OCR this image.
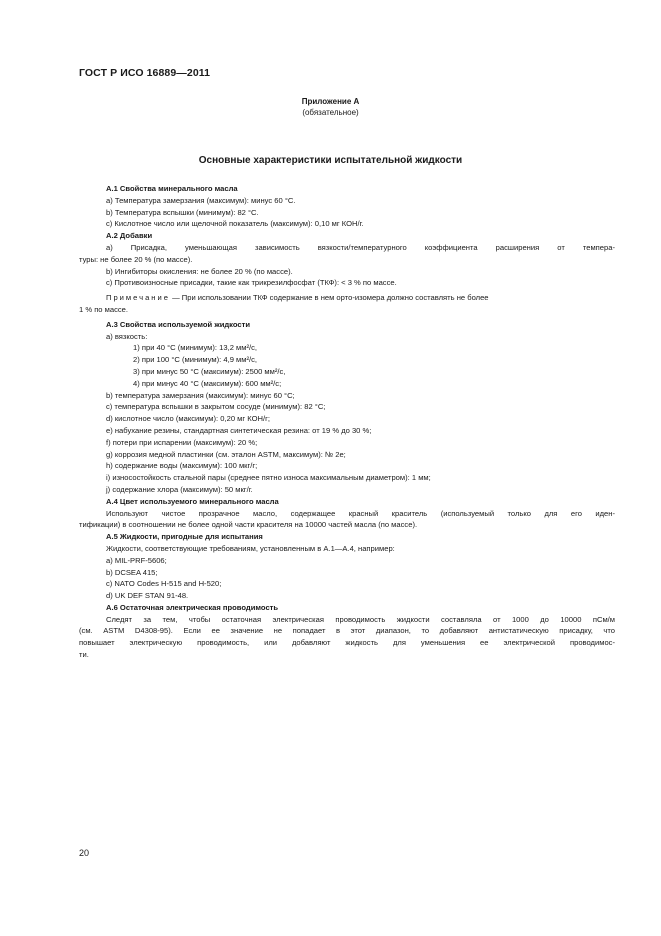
ГОСТ Р ИСО 16889—2011
Приложение А
(обязательное)
Основные характеристики испытательной жидкости

А.1 Свойства минерального масла

а) Температура замерзания (максимум): минус 60 °С.

b) Температура вспышки (минимум): 82 °С.

с) Кислотное число или щелочной показатель (максимум): 0,10 мг КОН/г.

А.2 Добавки

а) Присадка, уменьшающая зависимость вязкости/температурного коэффициента расширения от темпера-

туры: не более 20 % (по массе).

b) Ингибиторы окисления: не более 20 % (по массе).

с) Противоизносные присадки, такие как трикрезилфосфат (ТКФ): < 3 % по массе.

Примечание — При использовании ТКФ содержание в нем орто-изомера должно составлять не более

1 % по массе.

А.3 Свойства используемой жидкости

а) вязкость:

1) при 40 °С (минимум): 13,2 мм²/с,

2) при 100 °С (минимум): 4,9 мм²/с,

3) при минус 50 °С (максимум): 2500 мм²/с,

4) при минус 40 °С (максимум): 600 мм²/с;

b) температура замерзания (максимум): минус 60 °С;

с) температура вспышки в закрытом сосуде (минимум): 82 °С;

d) кислотное число (максимум): 0,20 мг КОН/г;

е) набухание резины, стандартная синтетическая резина: от 19 % до 30 %;

f) потери при испарении (максимум): 20 %;

g) коррозия медной пластинки (см. эталон ASTM, максимум): № 2е;

h) содержание воды (максимум): 100 мкг/г;

i) износостойкость стальной пары (среднее пятно износа максимальным диаметром): 1 мм;

j) содержание хлора (максимум): 50 мкг/г.

А.4 Цвет используемого минерального масла

Используют чистое прозрачное масло, содержащее красный краситель (используемый только для его иден-

тификации) в соотношении не более одной части красителя на 10000 частей масла (по массе).

А.5 Жидкости, пригодные для испытания

Жидкости, соответствующие требованиям, установленным в А.1—А.4, например:

а) MIL-PRF-5606;

b) DCSEA 415;

с) NATO Codes H-515 and H-520;

d) UK DEF STAN 91-48.

А.6 Остаточная электрическая проводимость

Следят за тем, чтобы остаточная электрическая проводимость жидкости составляла от 1000 до 10000 пСм/м

(см. ASTM D4308-95). Если ее значение не попадает в этот диапазон, то добавляют антистатическую присадку, что

повышает электрическую проводимость, или добавляют жидкость для уменьшения ее электрической проводимос-

ти.

20
